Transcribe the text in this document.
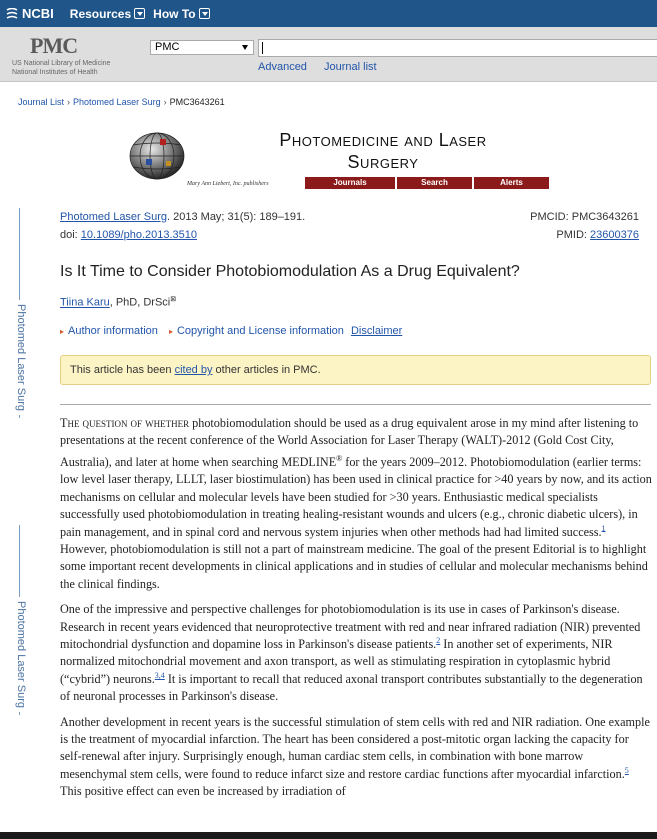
NCBI Resources How To
PMC
US National Library of Medicine
National Institutes of Health
PMC
Advanced Journal list
Journal List › Photomed Laser Surg › PMC3643261
Photomed Laser Surg
Photomed Laser Surg
Photomedicine and Laser
Surgery
Mary Ann Liebert, Inc. publishers	Journals	Search	Alerts
Photomed Laser Surg. 2013 May; 31(5): 189–191.
doi: 10.1089/pho.2013.3510
PMCID: PMC3643261
PMID: 23600376
Is It Time to Consider Photobiomodulation As a Drug Equivalent?
Tiina Karu, PhD, DrSci⊠
▸ Author information ▸ Copyright and License information Disclaimer
This article has been cited by other articles in PMC.

The question of whether photobiomodulation should be used as a drug equivalent arose in my mind after listening to presentations at the recent conference of the World Association for Laser Therapy (WALT)-2012 (Gold Cost City, Australia), and later at home when searching MEDLINE® for the years 2009–2012. Photobiomodulation (earlier terms: low level laser therapy, LLLT, laser biostimulation) has been used in clinical practice for >40 years by now, and its action mechanisms on cellular and molecular levels have been studied for >30 years. Enthusiastic medical specialists successfully used photobiomodulation in treating healing-resistant wounds and ulcers (e.g., chronic diabetic ulcers), in pain management, and in spinal cord and nervous system injuries when other methods had had limited success.$^1$ However, photobiomodulation is still not a part of mainstream medicine. The goal of the present Editorial is to highlight some important recent developments in clinical applications and in studies of cellular and molecular mechanisms behind the clinical findings.

One of the impressive and perspective challenges for photobiomodulation is its use in cases of Parkinson's disease. Research in recent years evidenced that neuroprotective treatment with red and near infrared radiation (NIR) prevented mitochondrial dysfunction and dopamine loss in Parkinson's disease patients.$^2$ In another set of experiments, NIR normalized mitochondrial movement and axon transport, as well as stimulating respiration in cytoplasmic hybrid (“cybrid”) neurons.$^{3,4}$ It is important to recall that reduced axonal transport contributes substantially to the degeneration of neuronal processes in Parkinson's disease.

Another development in recent years is the successful stimulation of stem cells with red and NIR radiation. One example is the treatment of myocardial infarction. The heart has been considered a post-mitotic organ lacking the capacity for self-renewal after injury. Surprisingly enough, human cardiac stem cells, in combination with bone marrow mesenchymal stem cells, were found to reduce infarct size and restore cardiac functions after myocardial infarction.$^5$ This positive effect can even be increased by irradiation of
